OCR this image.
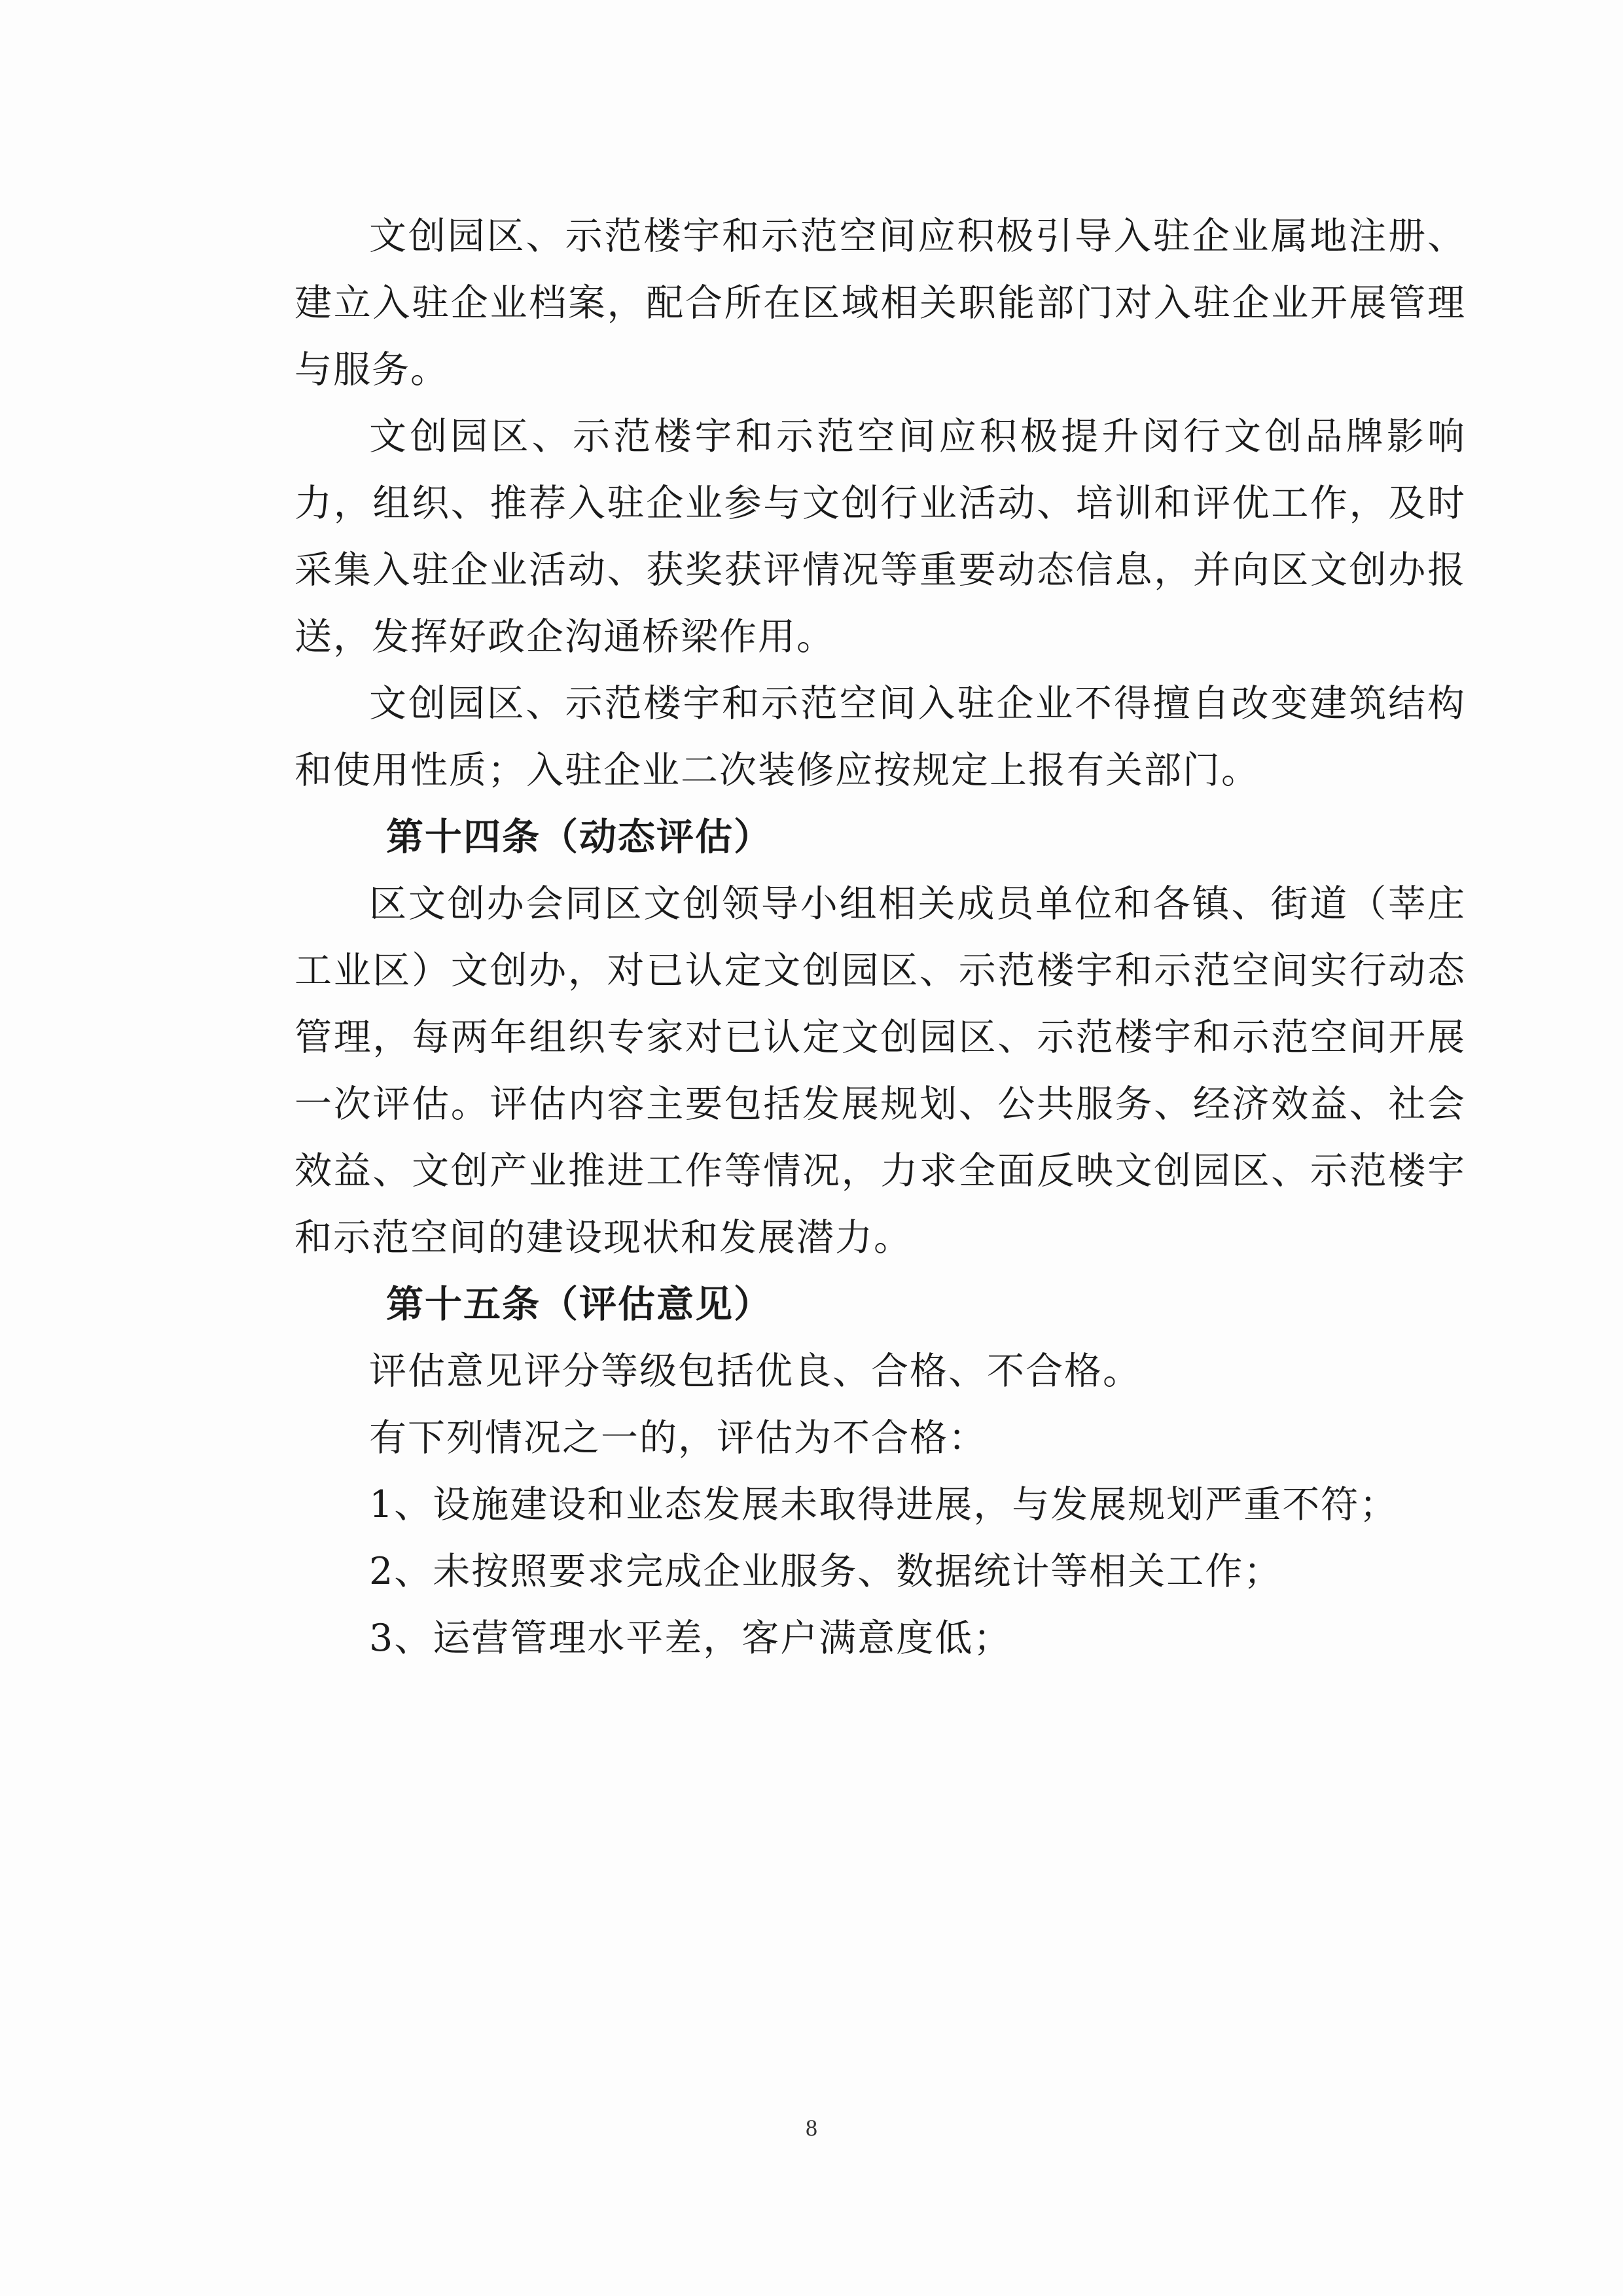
文创园区、示范楼宇和示范空间应积极引导入驻企业属地注册、建立入驻企业档案，配合所在区域相关职能部门对入驻企业开展管理与服务。

文创园区、示范楼宇和示范空间应积极提升闵行文创品牌影响力，组织、推荐入驻企业参与文创行业活动、培训和评优工作，及时采集入驻企业活动、获奖获评情况等重要动态信息，并向区文创办报送，发挥好政企沟通桥梁作用。

文创园区、示范楼宇和示范空间入驻企业不得擅自改变建筑结构和使用性质；入驻企业二次装修应按规定上报有关部门。

第十四条（动态评估）

区文创办会同区文创领导小组相关成员单位和各镇、街道（莘庄工业区）文创办，对已认定文创园区、示范楼宇和示范空间实行动态管理，每两年组织专家对已认定文创园区、示范楼宇和示范空间开展一次评估。评估内容主要包括发展规划、公共服务、经济效益、社会效益、文创产业推进工作等情况，力求全面反映文创园区、示范楼宇和示范空间的建设现状和发展潜力。

第十五条（评估意见）

评估意见评分等级包括优良、合格、不合格。

有下列情况之一的，评估为不合格：

1、设施建设和业态发展未取得进展，与发展规划严重不符；

2、未按照要求完成企业服务、数据统计等相关工作；

3、运营管理水平差，客户满意度低；

8
